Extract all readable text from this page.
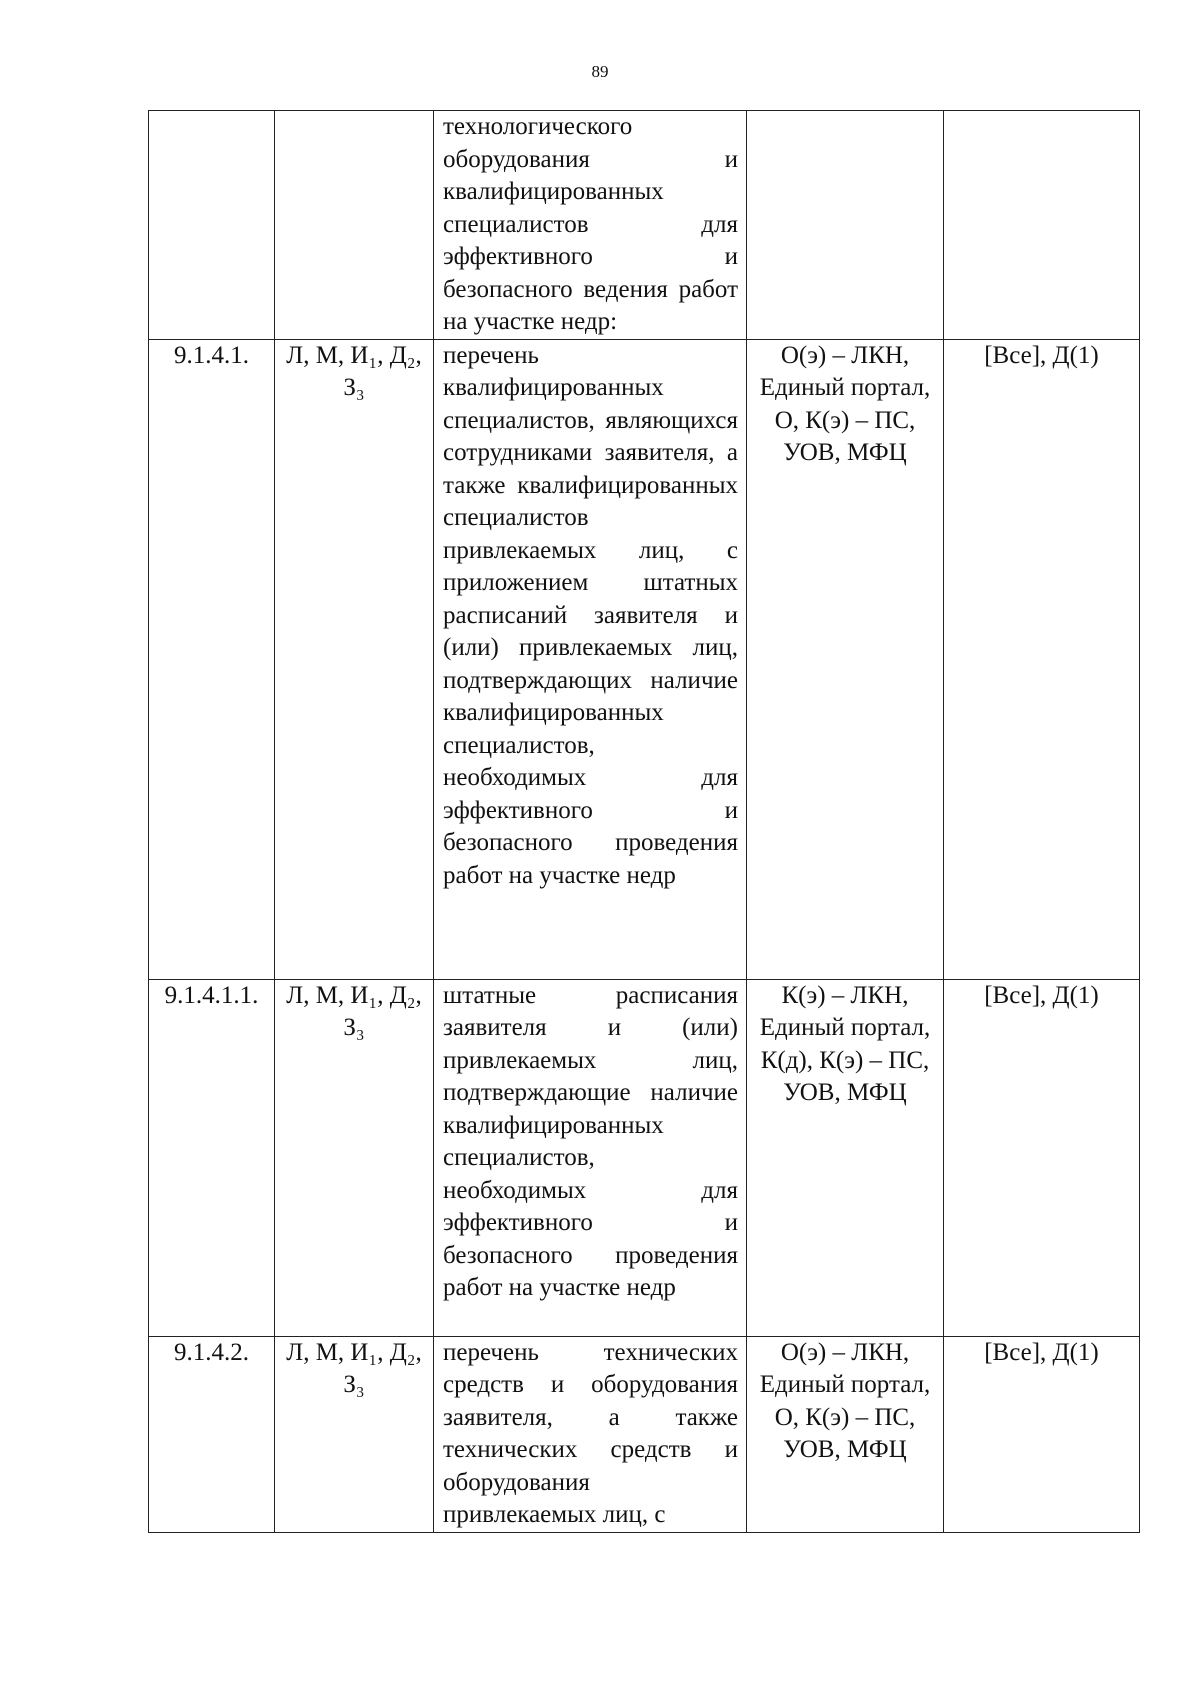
89

		технологического оборудования и квалифицированных специалистов для эффективного и безопасного ведения работ на участке недр:		

9.1.4.1.	Л, М, И₁, Д₂, З₃	перечень квалифицированных специалистов, являющихся сотрудниками заявителя, а также квалифицированных специалистов привлекаемых лиц, с приложением штатных расписаний заявителя и (или) привлекаемых лиц, подтверждающих наличие квалифицированных специалистов, необходимых для эффективного и безопасного проведения работ на участке недр	О(э) – ЛКН, Единый портал, О, К(э) – ПС, УОВ, МФЦ	[Все], Д(1)

9.1.4.1.1.	Л, М, И₁, Д₂, З₃	штатные расписания заявителя и (или) привлекаемых лиц, подтверждающие наличие квалифицированных специалистов, необходимых для эффективного и безопасного проведения работ на участке недр	К(э) – ЛКН, Единый портал, К(д), К(э) – ПС, УОВ, МФЦ	[Все], Д(1)

9.1.4.2.	Л, М, И₁, Д₂, З₃	перечень технических средств и оборудования заявителя, а также технических средств и оборудования привлекаемых лиц, с	О(э) – ЛКН, Единый портал, О, К(э) – ПС, УОВ, МФЦ	[Все], Д(1)
